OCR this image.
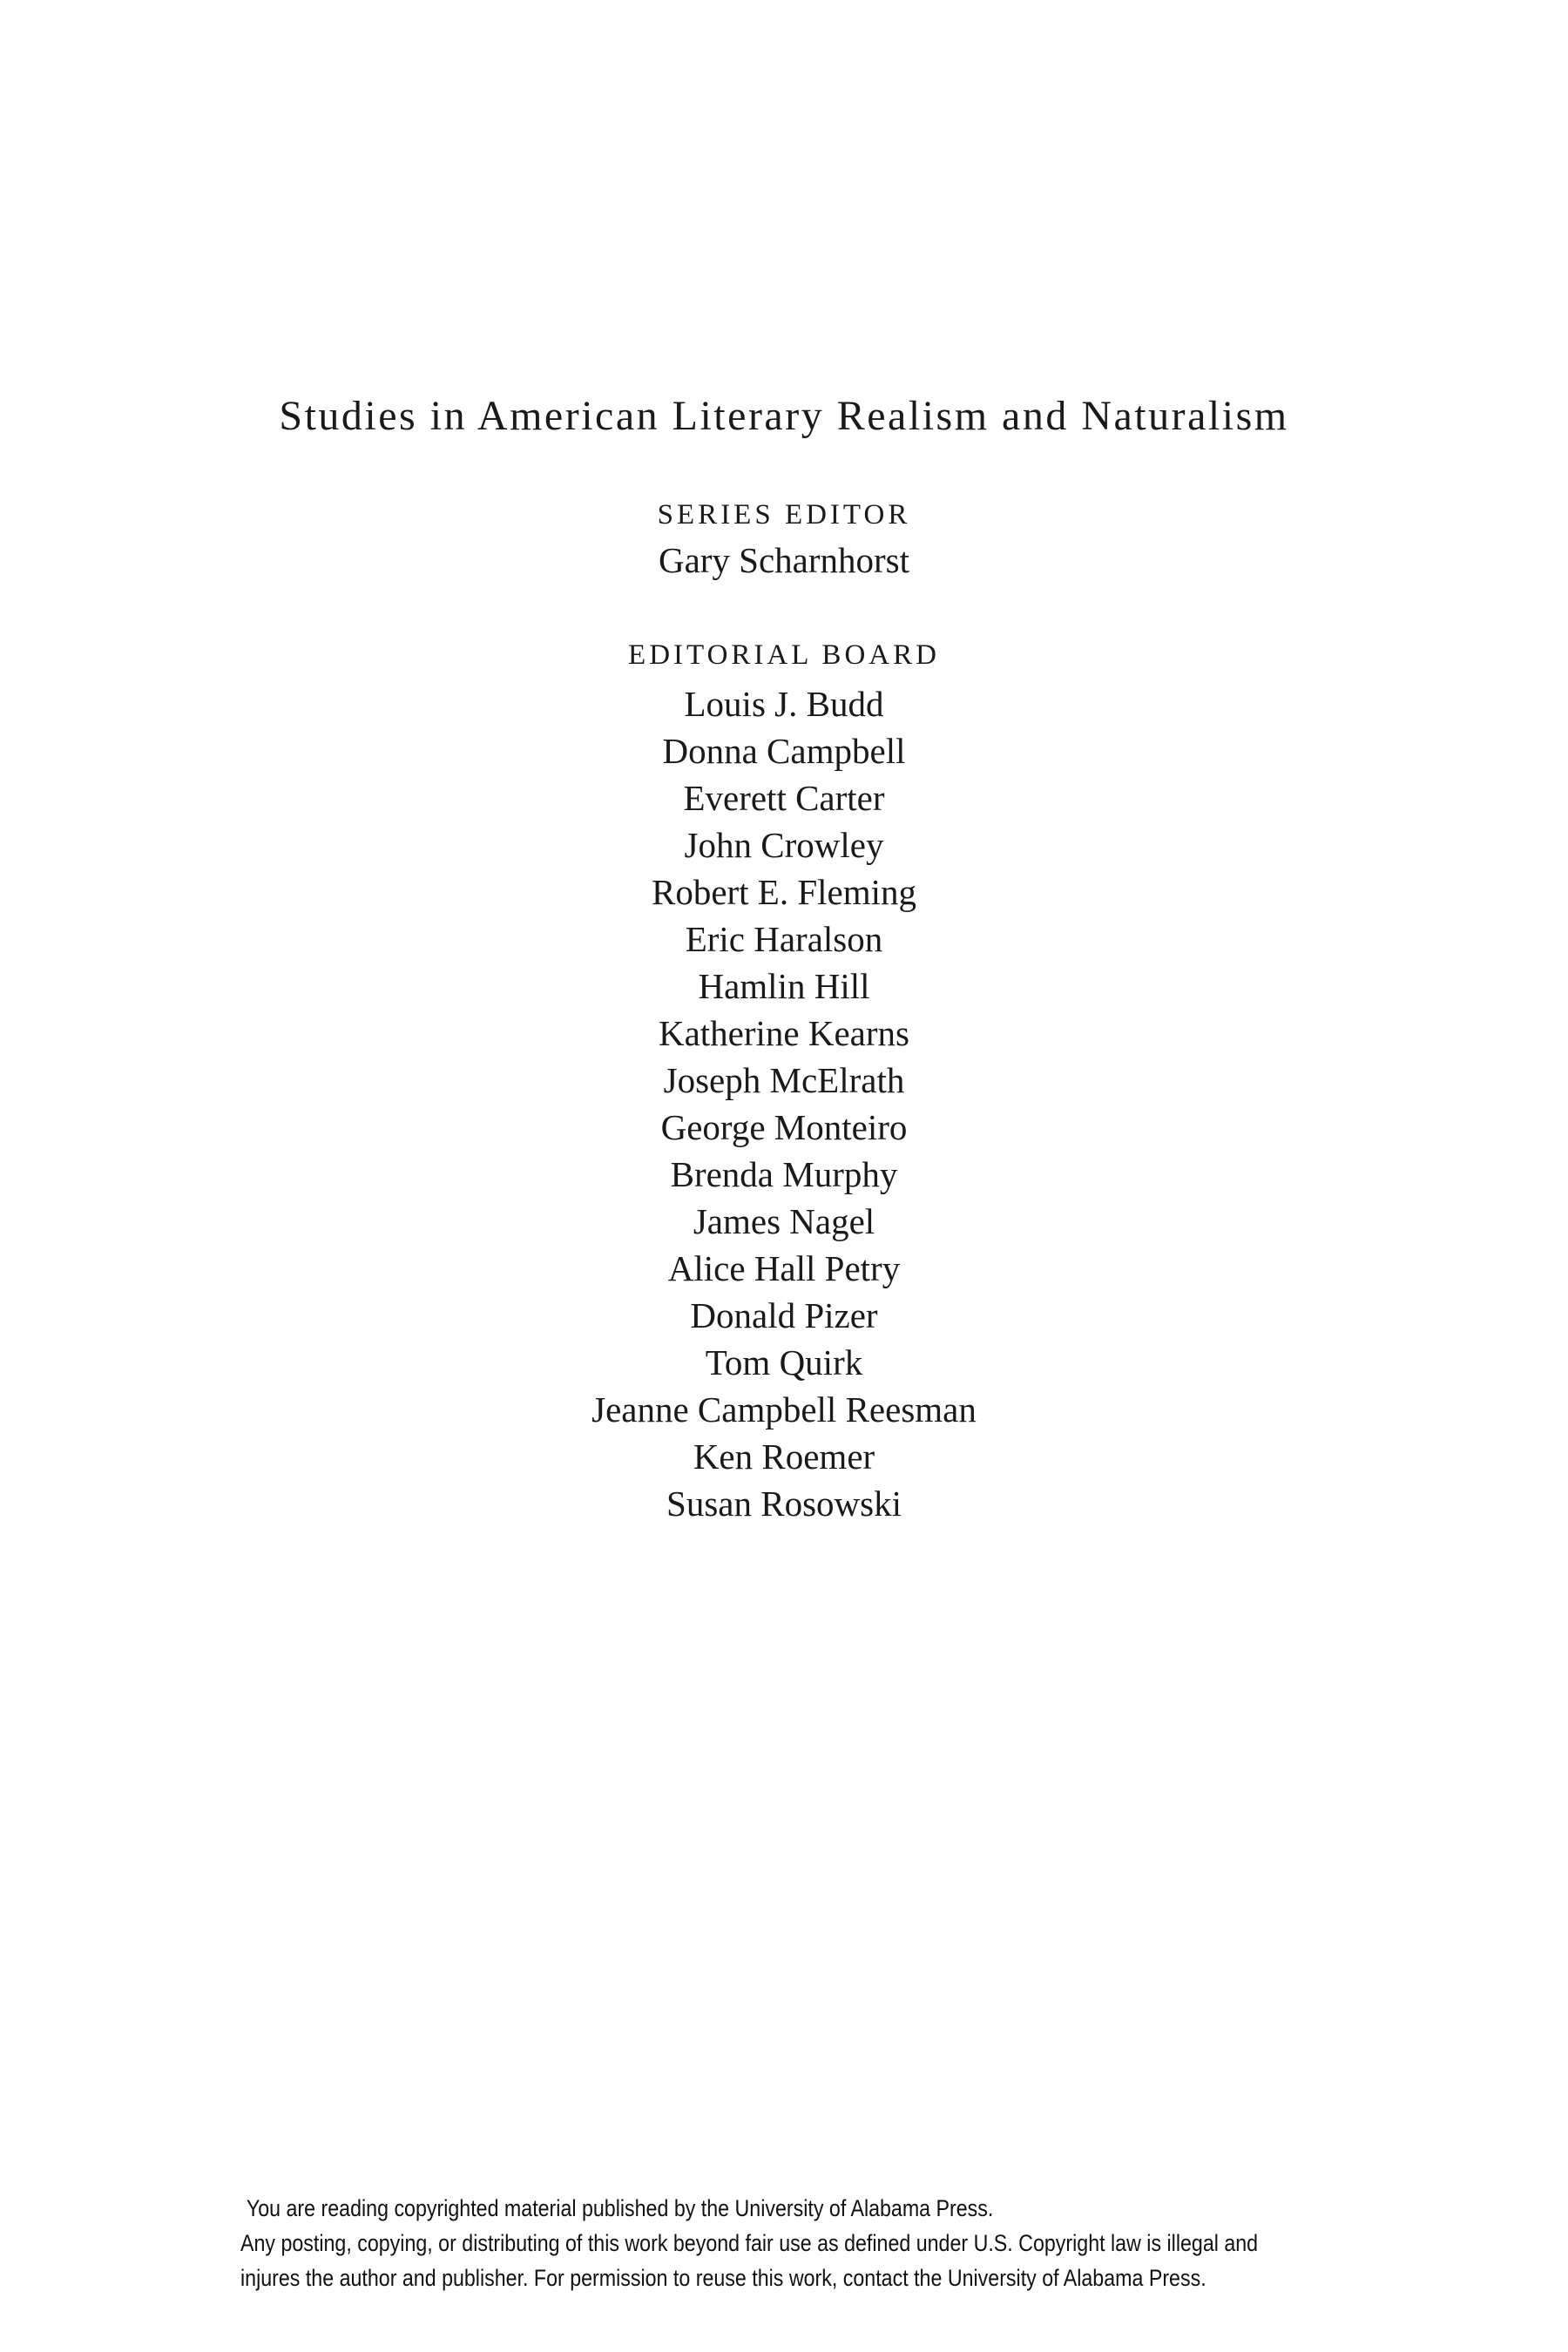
Studies in American Literary Realism and Naturalism
SERIES EDITOR
Gary Scharnhorst
EDITORIAL BOARD
Louis J. Budd
Donna Campbell
Everett Carter
John Crowley
Robert E. Fleming
Eric Haralson
Hamlin Hill
Katherine Kearns
Joseph McElrath
George Monteiro
Brenda Murphy
James Nagel
Alice Hall Petry
Donald Pizer
Tom Quirk
Jeanne Campbell Reesman
Ken Roemer
Susan Rosowski
You are reading copyrighted material published by the University of Alabama Press.
Any posting, copying, or distributing of this work beyond fair use as defined under U.S. Copyright law is illegal and
injures the author and publisher. For permission to reuse this work, contact the University of Alabama Press.
